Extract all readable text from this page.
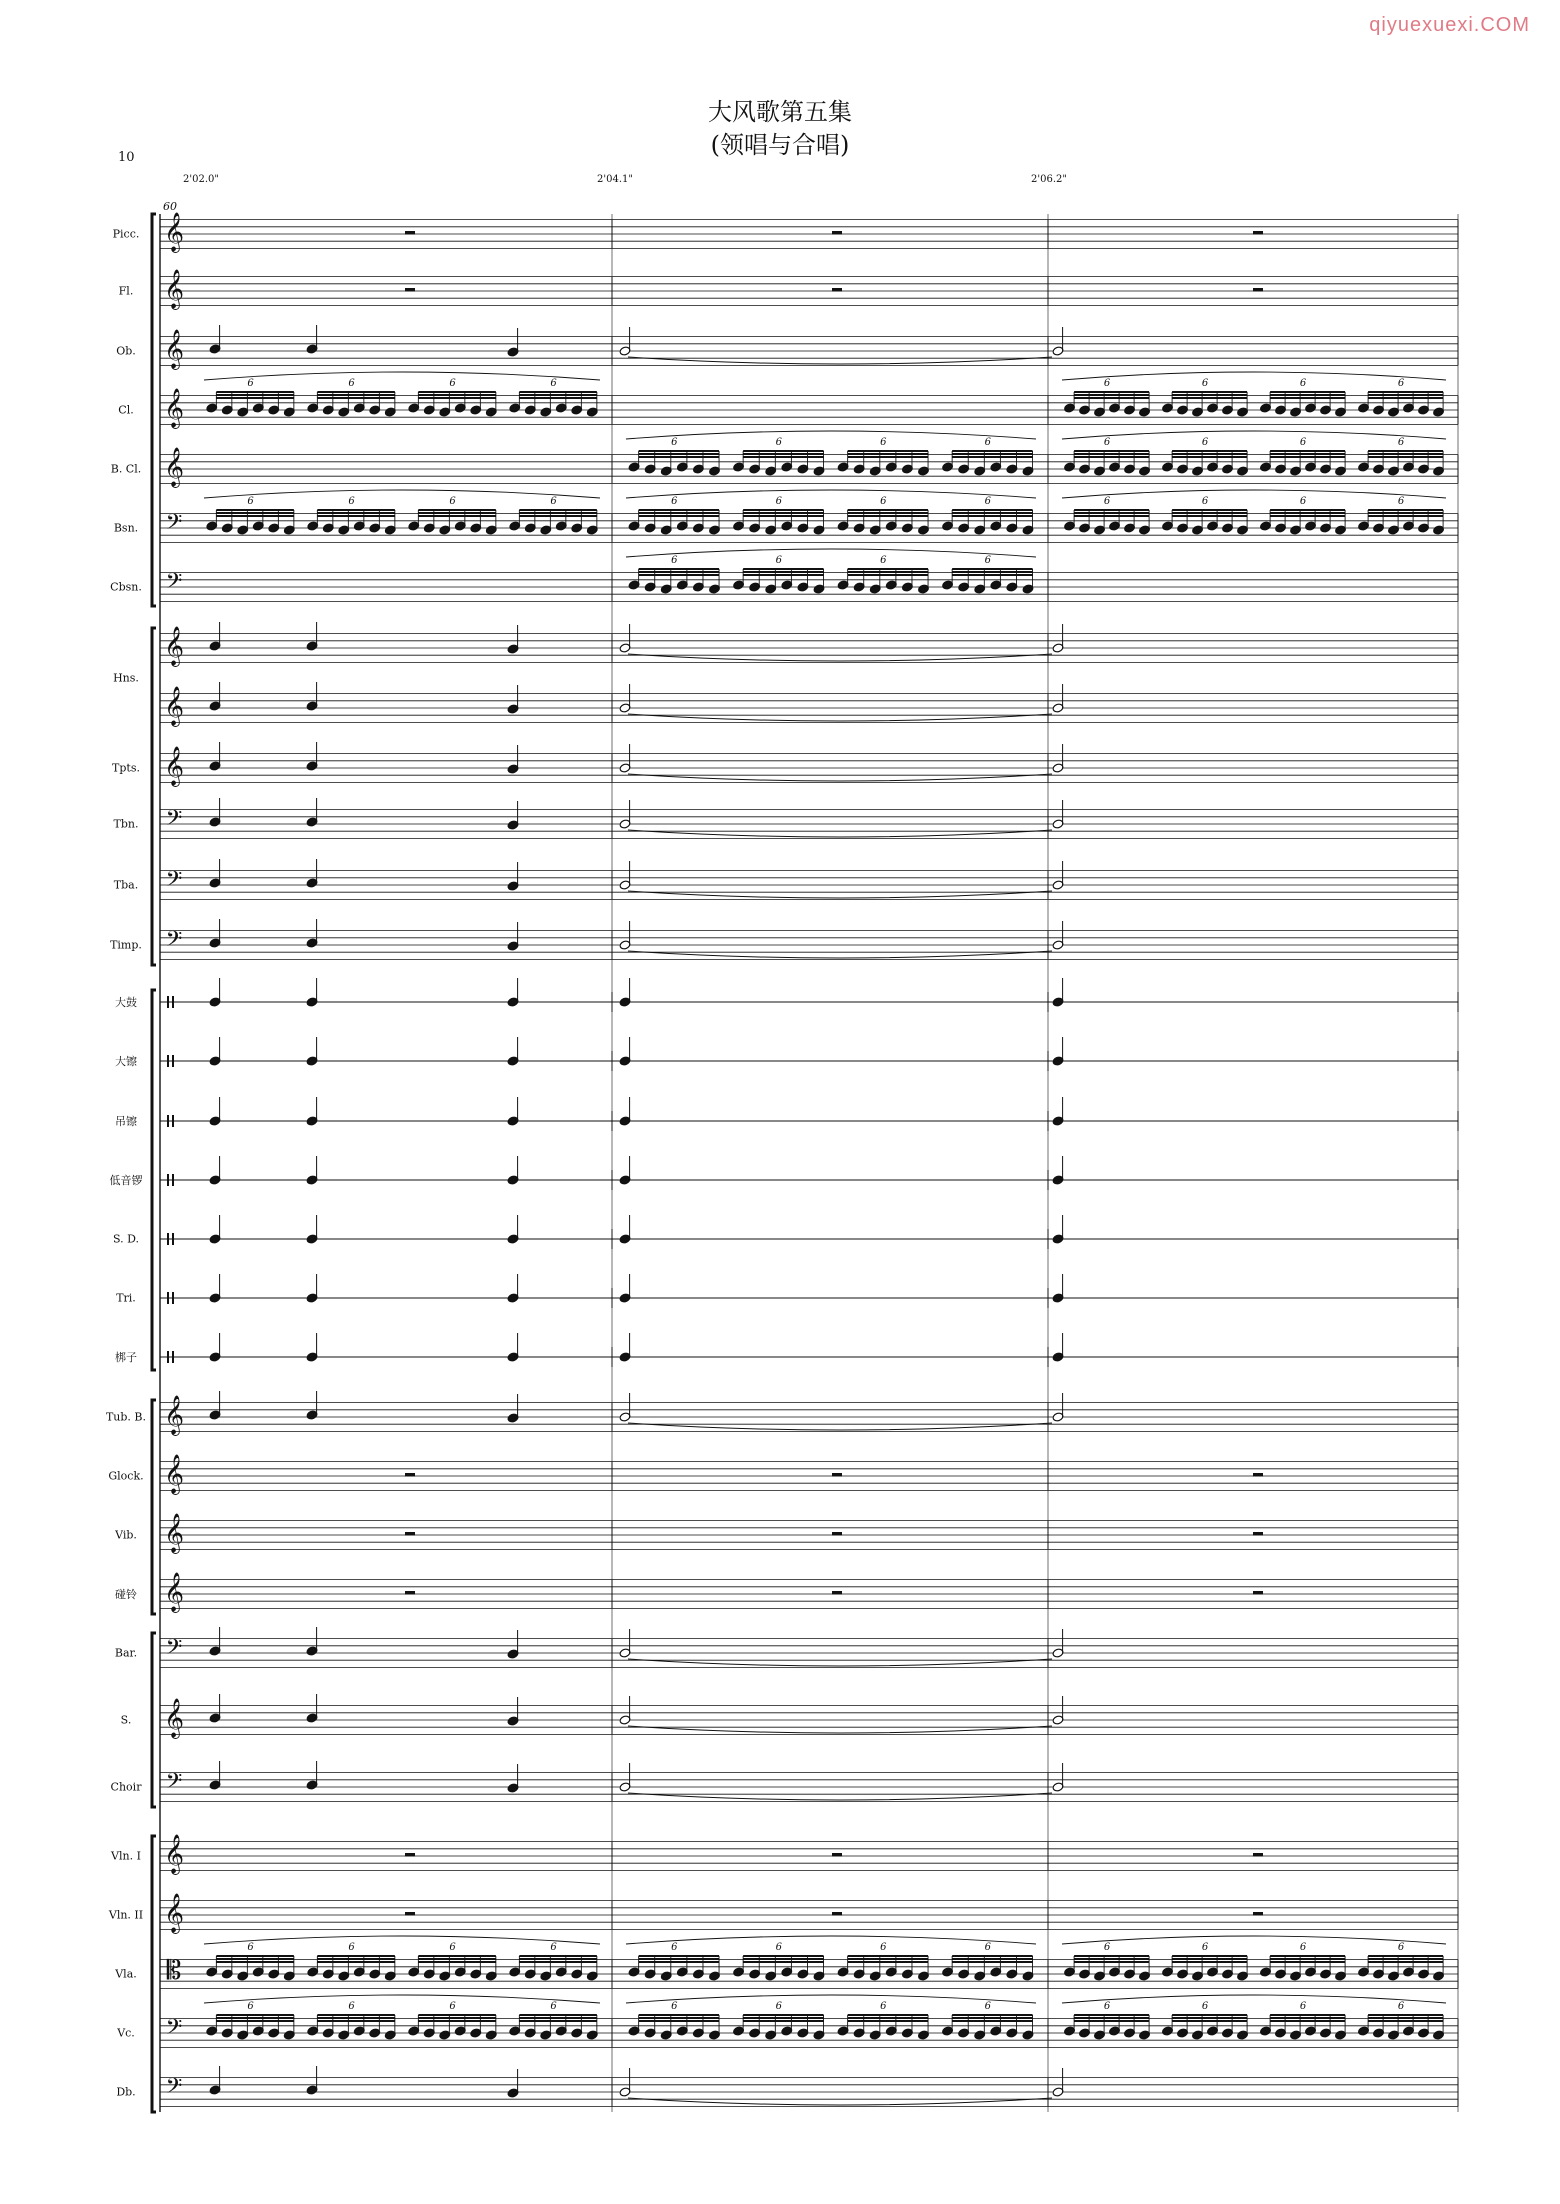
qiyuexuexi.COM
大风歌第五集
(领唱与合唱)
10
2'02.0"	2'04.1"	2'06.2"
60
Picc.
Fl.
Ob.
Cl.
B. Cl.
Bsn.
Cbsn.
Hns.
Tpts.
Tbn.
Tba.
Timp.
大鼓
大镲
吊镲
低音锣
S. D.
Tri.
梆子
Tub. B.
Glock.
Vib.
碰铃
Bar.
S.
Choir
Vln. I
Vln. II
Vla.
Vc.
Db.
𝄞
𝄞
𝄞
𝄞
𝄞
𝄢
𝄢
𝄞
𝄞
𝄞
𝄢
𝄢
𝄢
𝄞
𝄞
𝄞
𝄞
𝄢
𝄞
𝄢
𝄞
𝄞
𝄡
𝄢
𝄢
6	6	6	6	6	6	6	6
6	6	6	6	6	6	6	6
6	6	6	6	6	6	6	6	6	6	6	6
6	6	6	6
6	6	6	6	6	6	6	6	6	6	6	6
6	6	6	6	6	6	6	6	6	6	6	6
